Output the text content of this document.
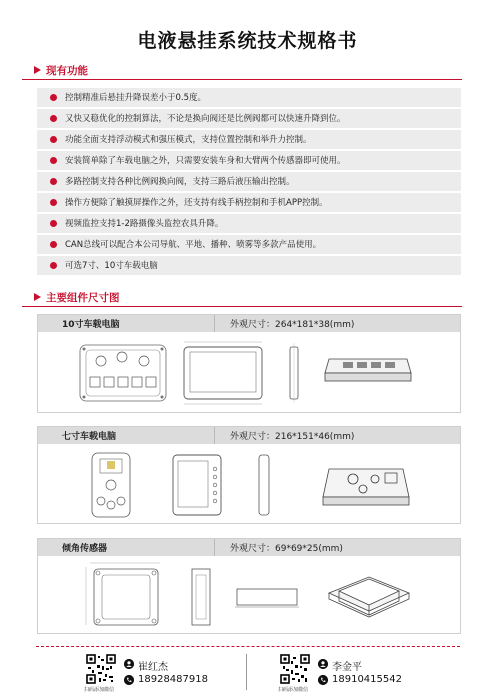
电液悬挂系统技术规格书
现有功能
控制精准后悬挂升降误差小于0.5度。
又快又稳优化的控制算法，不论是换向阀还是比例阀都可以快速升降到位。
功能全面支持浮动模式和强压模式，支持位置控制和举升力控制。
安装简单除了车载电脑之外，只需要安装车身和大臂两个传感器即可使用。
多路控制支持各种比例阀换向阀，支持三路后液压输出控制。
操作方便除了触摸屏操作之外，还支持有线手柄控制和手机APP控制。
视频监控支持1-2路摄像头监控农具升降。
CAN总线可以配合本公司导航、平地、播种、喷雾等多款产品使用。
可选7寸、10寸车载电脑
主要组件尺寸图
10寸车载电脑	外观尺寸：264*181*38(mm)
七寸车载电脑	外观尺寸：216*151*46(mm)
倾角传感器	外观尺寸：69*69*25(mm)
扫码添加微信
崔红杰
18928487918
扫码添加微信
李金平
18910415542
